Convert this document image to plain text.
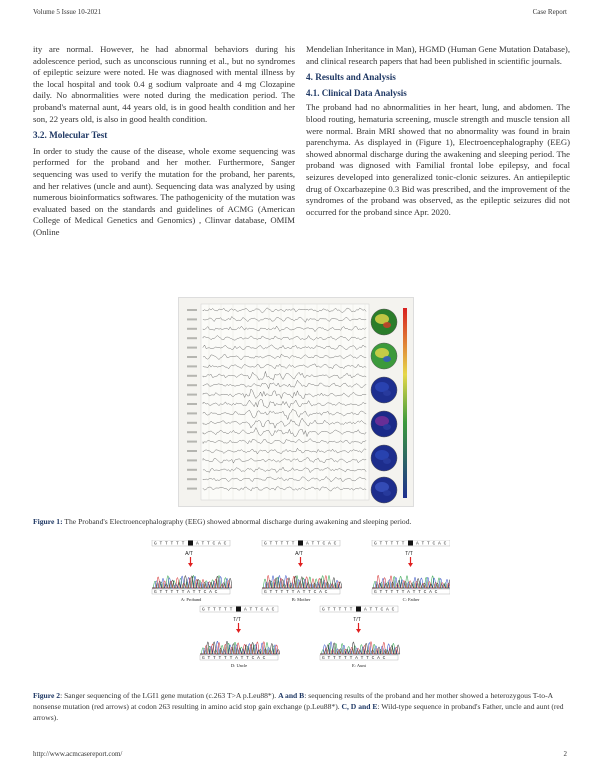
Volume 5 Issue 10-2021	Case Report

ity are normal. However, he had abnormal behaviors during his adolescence period, such as unconscious running et al., but no syndromes of epileptic seizure were noted. He was diagnosed with mental illness by the local hospital and took 0.4 g sodium valproate and 4 mg Clozapine daily. No abnormalities were noted during the medication period. The proband's maternal aunt, 44 years old, is in good health condition and her son, 22 years old, is also in good health condition.

3.2. Molecular Test

In order to study the cause of the disease, whole exome sequencing was performed for the proband and her mother. Furthermore, Sanger sequencing was used to verify the mutation for the proband, her parents, and her relatives (uncle and aunt). Sequencing data was analyzed by using numerous bioinformatics softwares. The pathogenicity of the mutation was evaluated based on the standards and guidelines of ACMG (American College of Medical Genetics and Genomics) , Clinvar database, OMIM (Online

Mendelian Inheritance in Man), HGMD (Human Gene Mutation Database), and clinical research papers that had been published in scientific journals.

4. Results and Analysis
4.1. Clinical Data Analysis

The proband had no abnormalities in her heart, lung, and abdomen. The blood routing, hematuria screening, muscle strength and muscle tension all were normal. Brain MRI showed that no abnormality was found in brain parenchyma. As displayed in (Figure 1), Electroencephalography (EEG) showed abnormal discharge during the awakening and sleeping period. The proband was dignosed with Familial frontal lobe epilepsy, and focal seizures developed into generalized tonic-clonic seizures. An antiepileptic drug of Oxcarbazepine 0.3 Bid was prescribed, and the improvement of the syndromes of the proband was observed, as the epileptic seizures did not occurred for the proband since Apr. 2020.

Figure 1: The Proband's Electroencephalography (EEG) showed abnormal discharge during awakening and sleeping period.
G T T T T T	A T T C A C
A/T
G T T T T T A T T C A C
A: Proband
G T T T T T	A T T C A C
A/T
G T T T T T A T T C A C
B: Mother
G T T T T T	A T T C A C
T/T
G T T T T T A T T C A C
C: Father
G T T T T T	A T T C A C
T/T
G T T T T T A T T C A C
D: Uncle
G T T T T T	A T T C A C
T/T
G T T T T T A T T C A C
E: Aunt
Figure 2: Sanger sequencing of the LGI1 gene mutation (c.263 T>A p.Leu88*). A and B: sequencing results of the proband and her mother showed a heterozygous T-to-A nonsense mutation (red arrows) at codon 263 resulting in amino acid stop gain exchange (p.Leu88*). C, D and E: Wild-type sequence in proband's Father, uncle and aunt (red arrows).
http://www.acmcasereport.com/	2
